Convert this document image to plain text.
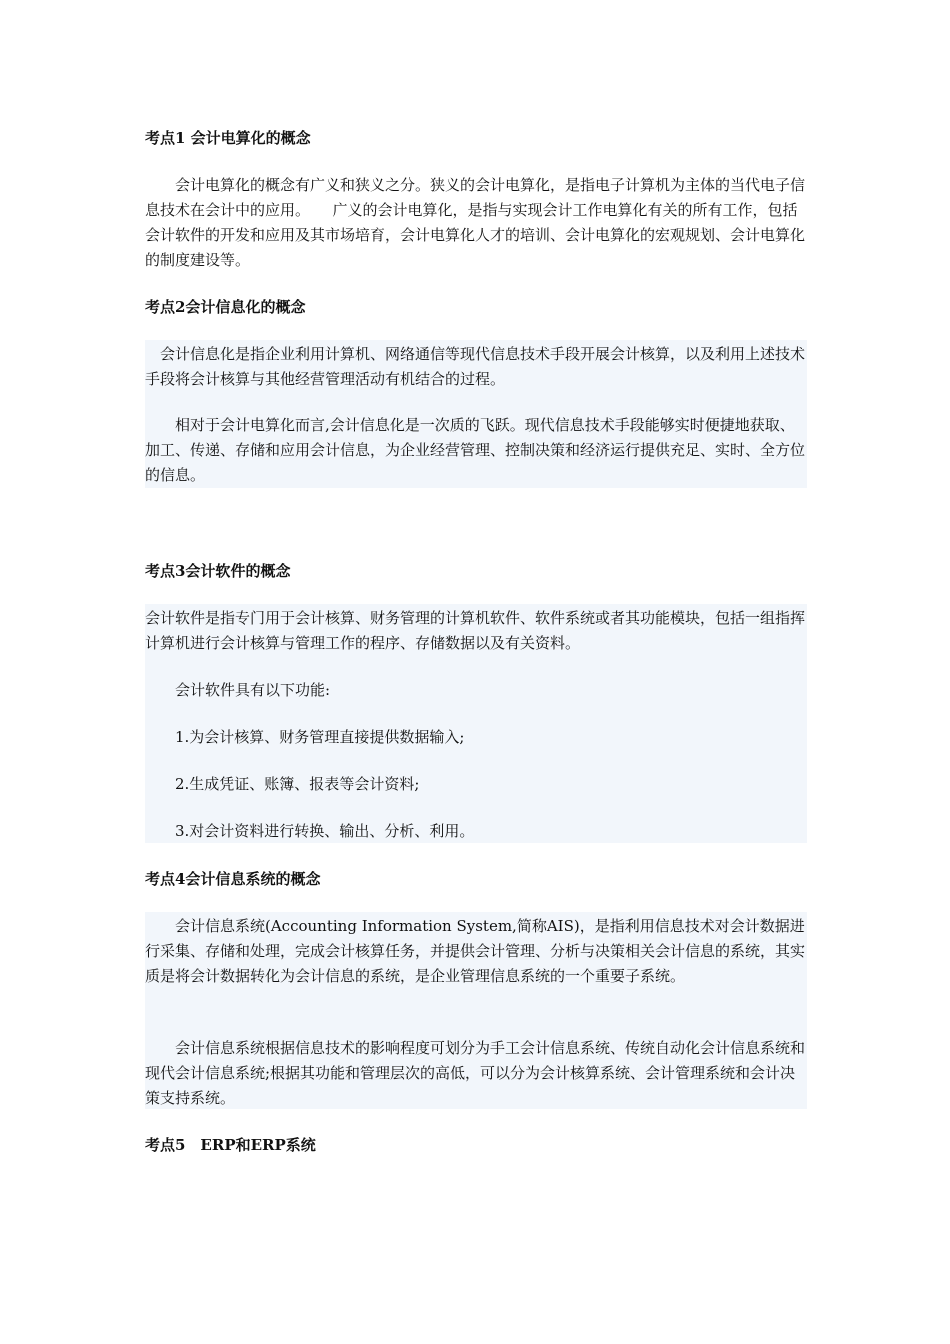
考点1 会计电算化的概念

会计电算化的概念有广义和狭义之分。狭义的会计电算化，是指电子计算机为主体的当代电子信息技术在会计中的应用。　　广义的会计电算化，是指与实现会计工作电算化有关的所有工作，包括会计软件的开发和应用及其市场培育，会计电算化人才的培训、会计电算化的宏观规划、会计电算化的制度建设等。

考点2会计信息化的概念

会计信息化是指企业利用计算机、网络通信等现代信息技术手段开展会计核算，以及利用上述技术手段将会计核算与其他经营管理活动有机结合的过程。

相对于会计电算化而言,会计信息化是一次质的飞跃。现代信息技术手段能够实时便捷地获取、加工、传递、存储和应用会计信息，为企业经营管理、控制决策和经济运行提供充足、实时、全方位的信息。

考点3会计软件的概念

会计软件是指专门用于会计核算、财务管理的计算机软件、软件系统或者其功能模块，包括一组指挥计算机进行会计核算与管理工作的程序、存储数据以及有关资料。

会计软件具有以下功能:

1.为会计核算、财务管理直接提供数据输入;

2.生成凭证、账簿、报表等会计资料;

3.对会计资料进行转换、输出、分析、利用。

考点4会计信息系统的概念

会计信息系统(Accounting Information System,简称AIS)，是指利用信息技术对会计数据进行采集、存储和处理，完成会计核算任务，并提供会计管理、分析与决策相关会计信息的系统，其实质是将会计数据转化为会计信息的系统，是企业管理信息系统的一个重要子系统。

会计信息系统根据信息技术的影响程度可划分为手工会计信息系统、传统自动化会计信息系统和现代会计信息系统;根据其功能和管理层次的高低，可以分为会计核算系统、会计管理系统和会计决策支持系统。

考点5　ERP和ERP系统
